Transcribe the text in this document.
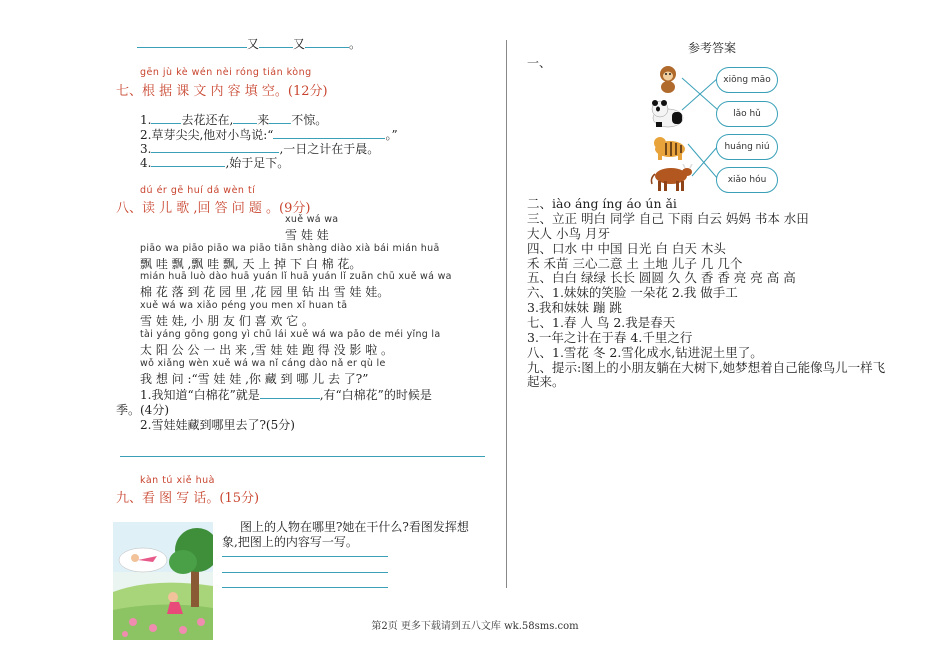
又	又	。
gēn jù kè wén nèi róng tián kòng
七、根 据 课 文 内 容 填 空。(12分)
1.	去花还在, 来 不惊。
2.草芽尖尖,他对小鸟说:“	。”
3.	,一日之计在于晨。
4.	,始于足下。
dú ér gē huí dá wèn tí
八、读 儿 歌 ,回 答 问 题 。(9分)
xuě wá wa
雪 娃 娃
piāo wa piāo piāo wa piāo tiān shàng diào xià bái mián huā
飘 哇 飘 ,飘 哇 飘, 天 上 掉 下 白 棉 花。
mián huā luò dào huā yuán lǐ huā yuán lǐ zuān chū xuě wá wa
棉 花 落 到 花 园 里 ,花 园 里 钻 出 雪 娃 娃。
xuě wá wa xiǎo péng you men xǐ huan tā
雪 娃 娃, 小 朋 友 们 喜 欢 它 。
tài yáng gōng gong yì chū lái xuě wá wa pǎo de méi yǐng la
太 阳 公 公 一 出 来 ,雪 娃 娃 跑 得 没 影 啦 。
wǒ xiǎng wèn xuě wá wa nǐ cáng dào nǎ er qù le
我 想 问 :“雪 娃 娃 ,你 藏 到 哪 儿 去 了?”
1.我知道“白棉花”就是	,有“白棉花”的时候是
季。(4分)
2.雪娃娃藏到哪里去了?(5分)
kàn tú xiě huà
九、看 图 写 话。(15分)
图上的人物在哪里?她在干什么?看图发挥想
象,把图上的内容写一写。
参考答案
一、
xiōng māo
lǎo hǔ
huáng niú
xiǎo hóu
二、iào áng íng áo ún ǎi
三、立正 明白 同学 自己 下雨 白云 妈妈 书本 水田
大人 小鸟 月牙
四、口水 中 中国 日光 白 白天 木头
禾 禾苗 三心二意 土 土地 儿子 几 几个
五、白白 绿绿 长长 圆圆 久 久 香 香 亮 亮 高 高
六、1.妹妹的笑脸 一朵花 2.我 做手工
3.我和妹妹 蹦 跳
七、1.春 人 鸟 2.我是春天
3.一年之计在于春 4.千里之行
八、1.雪花 冬 2.雪化成水,钻进泥土里了。
九、提示:图上的小朋友躺在大树下,她梦想着自己能像鸟儿一样飞
起来。
第2页 更多下载请到五八文库 wk.58sms.com
